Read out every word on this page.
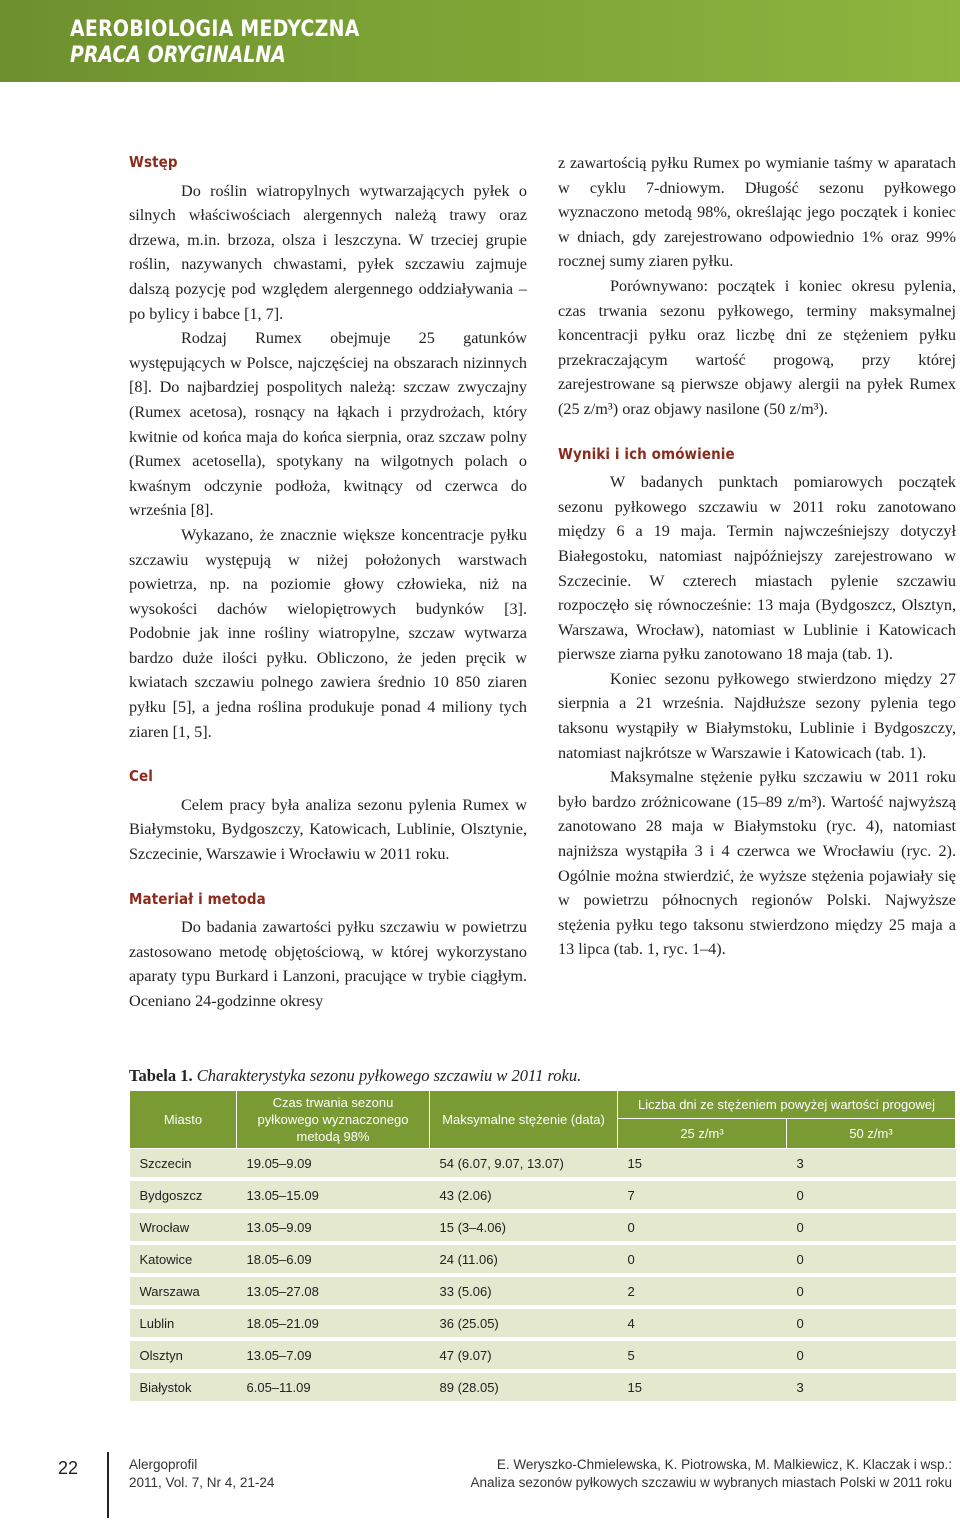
AEROBIOLOGIA MEDYCZNA
PRACA ORYGINALNA
Wstęp

Do roślin wiatropylnych wytwarzających pyłek o silnych właściwościach alergennych należą trawy oraz drzewa, m.in. brzoza, olsza i leszczyna. W trzeciej grupie roślin, nazywanych chwastami, pyłek szczawiu zajmuje dalszą pozycję pod względem alergennego oddziaływania – po bylicy i babce [1, 7].

Rodzaj Rumex obejmuje 25 gatunków występujących w Polsce, najczęściej na obszarach nizinnych [8]. Do najbardziej pospolitych należą: szczaw zwyczajny (Rumex acetosa), rosnący na łąkach i przydrożach, który kwitnie od końca maja do końca sierpnia, oraz szczaw polny (Rumex acetosella), spotykany na wilgotnych polach o kwaśnym odczynie podłoża, kwitnący od czerwca do września [8].

Wykazano, że znacznie większe koncentracje pyłku szczawiu występują w niżej położonych warstwach powietrza, np. na poziomie głowy człowieka, niż na wysokości dachów wielopiętrowych budynków [3]. Podobnie jak inne rośliny wiatropylne, szczaw wytwarza bardzo duże ilości pyłku. Obliczono, że jeden pręcik w kwiatach szczawiu polnego zawiera średnio 10 850 ziaren pyłku [5], a jedna roślina produkuje ponad 4 miliony tych ziaren [1, 5].

Cel

Celem pracy była analiza sezonu pylenia Rumex w Białymstoku, Bydgoszczy, Katowicach, Lublinie, Olsztynie, Szczecinie, Warszawie i Wrocławiu w 2011 roku.

Materiał i metoda

Do badania zawartości pyłku szczawiu w powietrzu zastosowano metodę objętościową, w której wykorzystano aparaty typu Burkard i Lanzoni, pracujące w trybie ciągłym. Oceniano 24-godzinne okresy

z zawartością pyłku Rumex po wymianie taśmy w aparatach w cyklu 7-dniowym. Długość sezonu pyłkowego wyznaczono metodą 98%, określając jego początek i koniec w dniach, gdy zarejestrowano odpowiednio 1% oraz 99% rocznej sumy ziaren pyłku.

Porównywano: początek i koniec okresu pylenia, czas trwania sezonu pyłkowego, terminy maksymalnej koncentracji pyłku oraz liczbę dni ze stężeniem pyłku przekraczającym wartość progową, przy której zarejestrowane są pierwsze objawy alergii na pyłek Rumex (25 z/m³) oraz objawy nasilone (50 z/m³).

Wyniki i ich omówienie

W badanych punktach pomiarowych początek sezonu pyłkowego szczawiu w 2011 roku zanotowano między 6 a 19 maja. Termin najwcześniejszy dotyczył Białegostoku, natomiast najpóźniejszy zarejestrowano w Szczecinie. W czterech miastach pylenie szczawiu rozpoczęło się równocześnie: 13 maja (Bydgoszcz, Olsztyn, Warszawa, Wrocław), natomiast w Lublinie i Katowicach pierwsze ziarna pyłku zanotowano 18 maja (tab. 1).

Koniec sezonu pyłkowego stwierdzono między 27 sierpnia a 21 września. Najdłuższe sezony pylenia tego taksonu wystąpiły w Białymstoku, Lublinie i Bydgoszczy, natomiast najkrótsze w Warszawie i Katowicach (tab. 1).

Maksymalne stężenie pyłku szczawiu w 2011 roku było bardzo zróżnicowane (15–89 z/m³). Wartość najwyższą zanotowano 28 maja w Białymstoku (ryc. 4), natomiast najniższa wystąpiła 3 i 4 czerwca we Wrocławiu (ryc. 2). Ogólnie można stwierdzić, że wyższe stężenia pojawiały się w powietrzu północnych regionów Polski. Najwyższe stężenia pyłku tego taksonu stwierdzono między 25 maja a 13 lipca (tab. 1, ryc. 1–4).

Tabela 1. Charakterystyka sezonu pyłkowego szczawiu w 2011 roku.
Miasto	Czas trwania sezonu pyłkowego wyznaczonego metodą 98%	Maksymalne stężenie (data)	Liczba dni ze stężeniem powyżej wartości progowej	
			25 z/m³	50 z/m³
Szczecin	19.05–9.09	54 (6.07, 9.07, 13.07)	15	3
Bydgoszcz	13.05–15.09	43 (2.06)	7	0
Wrocław	13.05–9.09	15 (3–4.06)	0	0
Katowice	18.05–6.09	24 (11.06)	0	0
Warszawa	13.05–27.08	33 (5.06)	2	0
Lublin	18.05–21.09	36 (25.05)	4	0
Olsztyn	13.05–7.09	47 (9.07)	5	0
Białystok	6.05–11.09	89 (28.05)	15	3
22	Alergoprofil
2011, Vol. 7, Nr 4, 21-24
E. Weryszko-Chmielewska, K. Piotrowska, M. Malkiewicz, K. Klaczak i wsp.:
Analiza sezonów pyłkowych szczawiu w wybranych miastach Polski w 2011 roku
